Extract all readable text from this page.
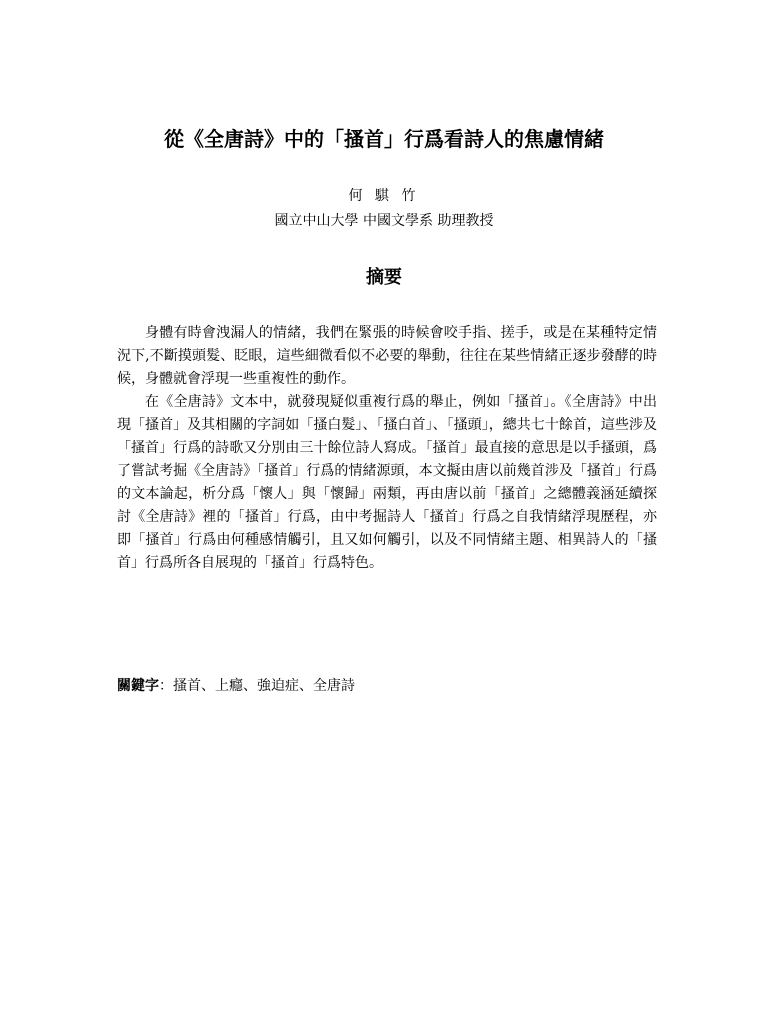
從《全唐詩》中的「搔首」行爲看詩人的焦慮情緒
何 騏 竹
國立中山大學 中國文學系 助理教授
摘要

身體有時會洩漏人的情緒，我們在緊張的時候會咬手指、搓手，或是在某種特定情況下,不斷摸頭髮、眨眼，這些細微看似不必要的舉動，往往在某些情緒正逐步發酵的時候，身體就會浮現一些重複性的動作。

在《全唐詩》文本中，就發現疑似重複行爲的舉止，例如「搔首」。《全唐詩》中出現「搔首」及其相關的字詞如「搔白髮」、「搔白首」、「搔頭」，總共七十餘首，這些涉及「搔首」行爲的詩歌又分別由三十餘位詩人寫成。「搔首」最直接的意思是以手搔頭，爲了嘗試考掘《全唐詩》「搔首」行爲的情緒源頭，本文擬由唐以前幾首涉及「搔首」行爲的文本論起，析分爲「懷人」與「懷歸」兩類，再由唐以前「搔首」之總體義涵延續探討《全唐詩》裡的「搔首」行爲，由中考掘詩人「搔首」行爲之自我情緒浮現歷程，亦即「搔首」行爲由何種感情觸引，且又如何觸引，以及不同情緒主題、相異詩人的「搔首」行爲所各自展現的「搔首」行爲特色。

關鍵字：搔首、上癮、強迫症、全唐詩
